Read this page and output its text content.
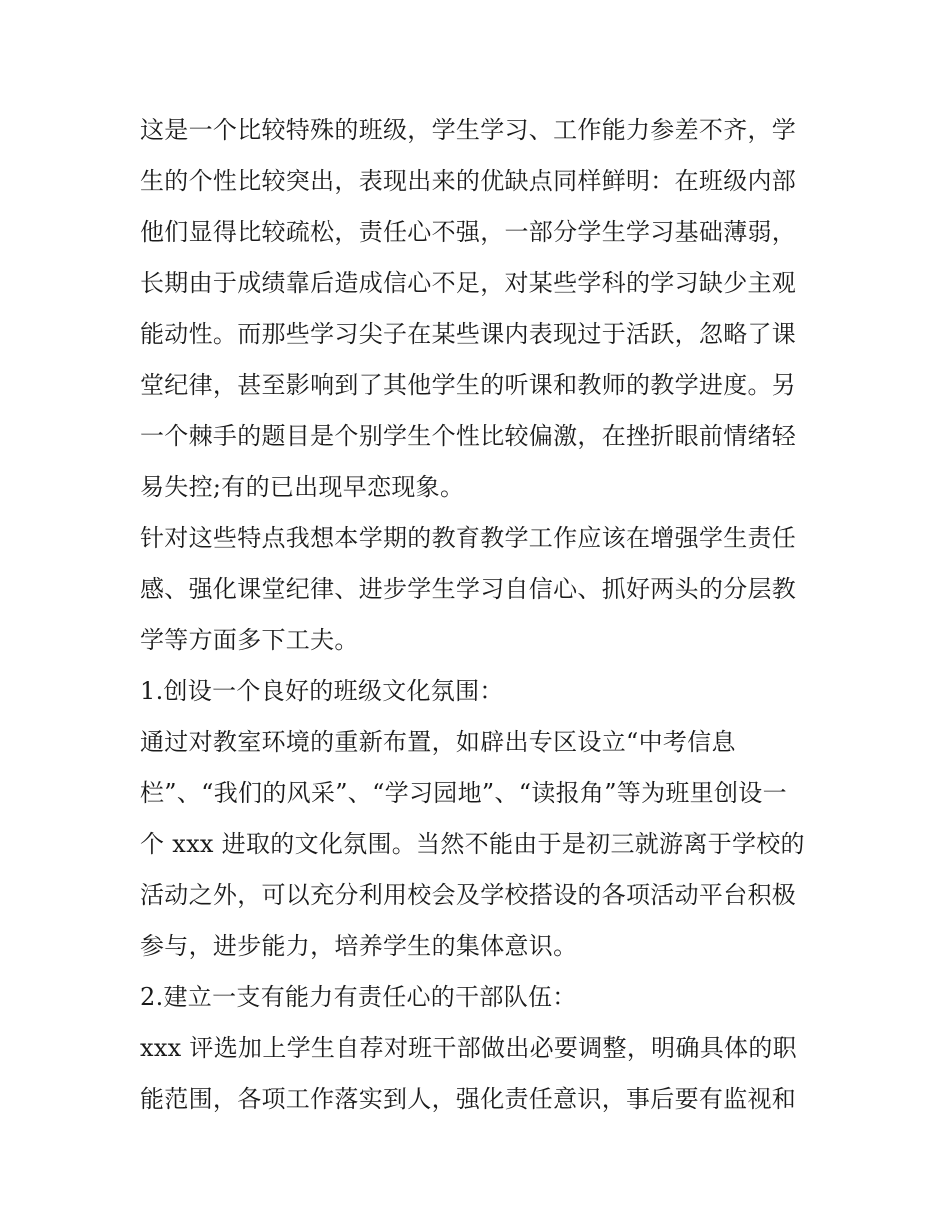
这是一个比较特殊的班级，学生学习、工作能力参差不齐，学
生的个性比较突出，表现出来的优缺点同样鲜明：在班级内部
他们显得比较疏松，责任心不强，一部分学生学习基础薄弱，
长期由于成绩靠后造成信心不足，对某些学科的学习缺少主观
能动性。而那些学习尖子在某些课内表现过于活跃，忽略了课
堂纪律，甚至影响到了其他学生的听课和教师的教学进度。另
一个棘手的题目是个别学生个性比较偏激，在挫折眼前情绪轻
易失控;有的已出现早恋现象。
针对这些特点我想本学期的教育教学工作应该在增强学生责任
感、强化课堂纪律、进步学生学习自信心、抓好两头的分层教
学等方面多下工夫。
1.创设一个良好的班级文化氛围：
通过对教室环境的重新布置，如辟出专区设立“中考信息
栏”、“我们的风采”、“学习园地”、“读报角”等为班里创设一
个 xxx 进取的文化氛围。当然不能由于是初三就游离于学校的
活动之外，可以充分利用校会及学校搭设的各项活动平台积极
参与，进步能力，培养学生的集体意识。
2.建立一支有能力有责任心的干部队伍：
xxx 评选加上学生自荐对班干部做出必要调整，明确具体的职
能范围，各项工作落实到人，强化责任意识，事后要有监视和
